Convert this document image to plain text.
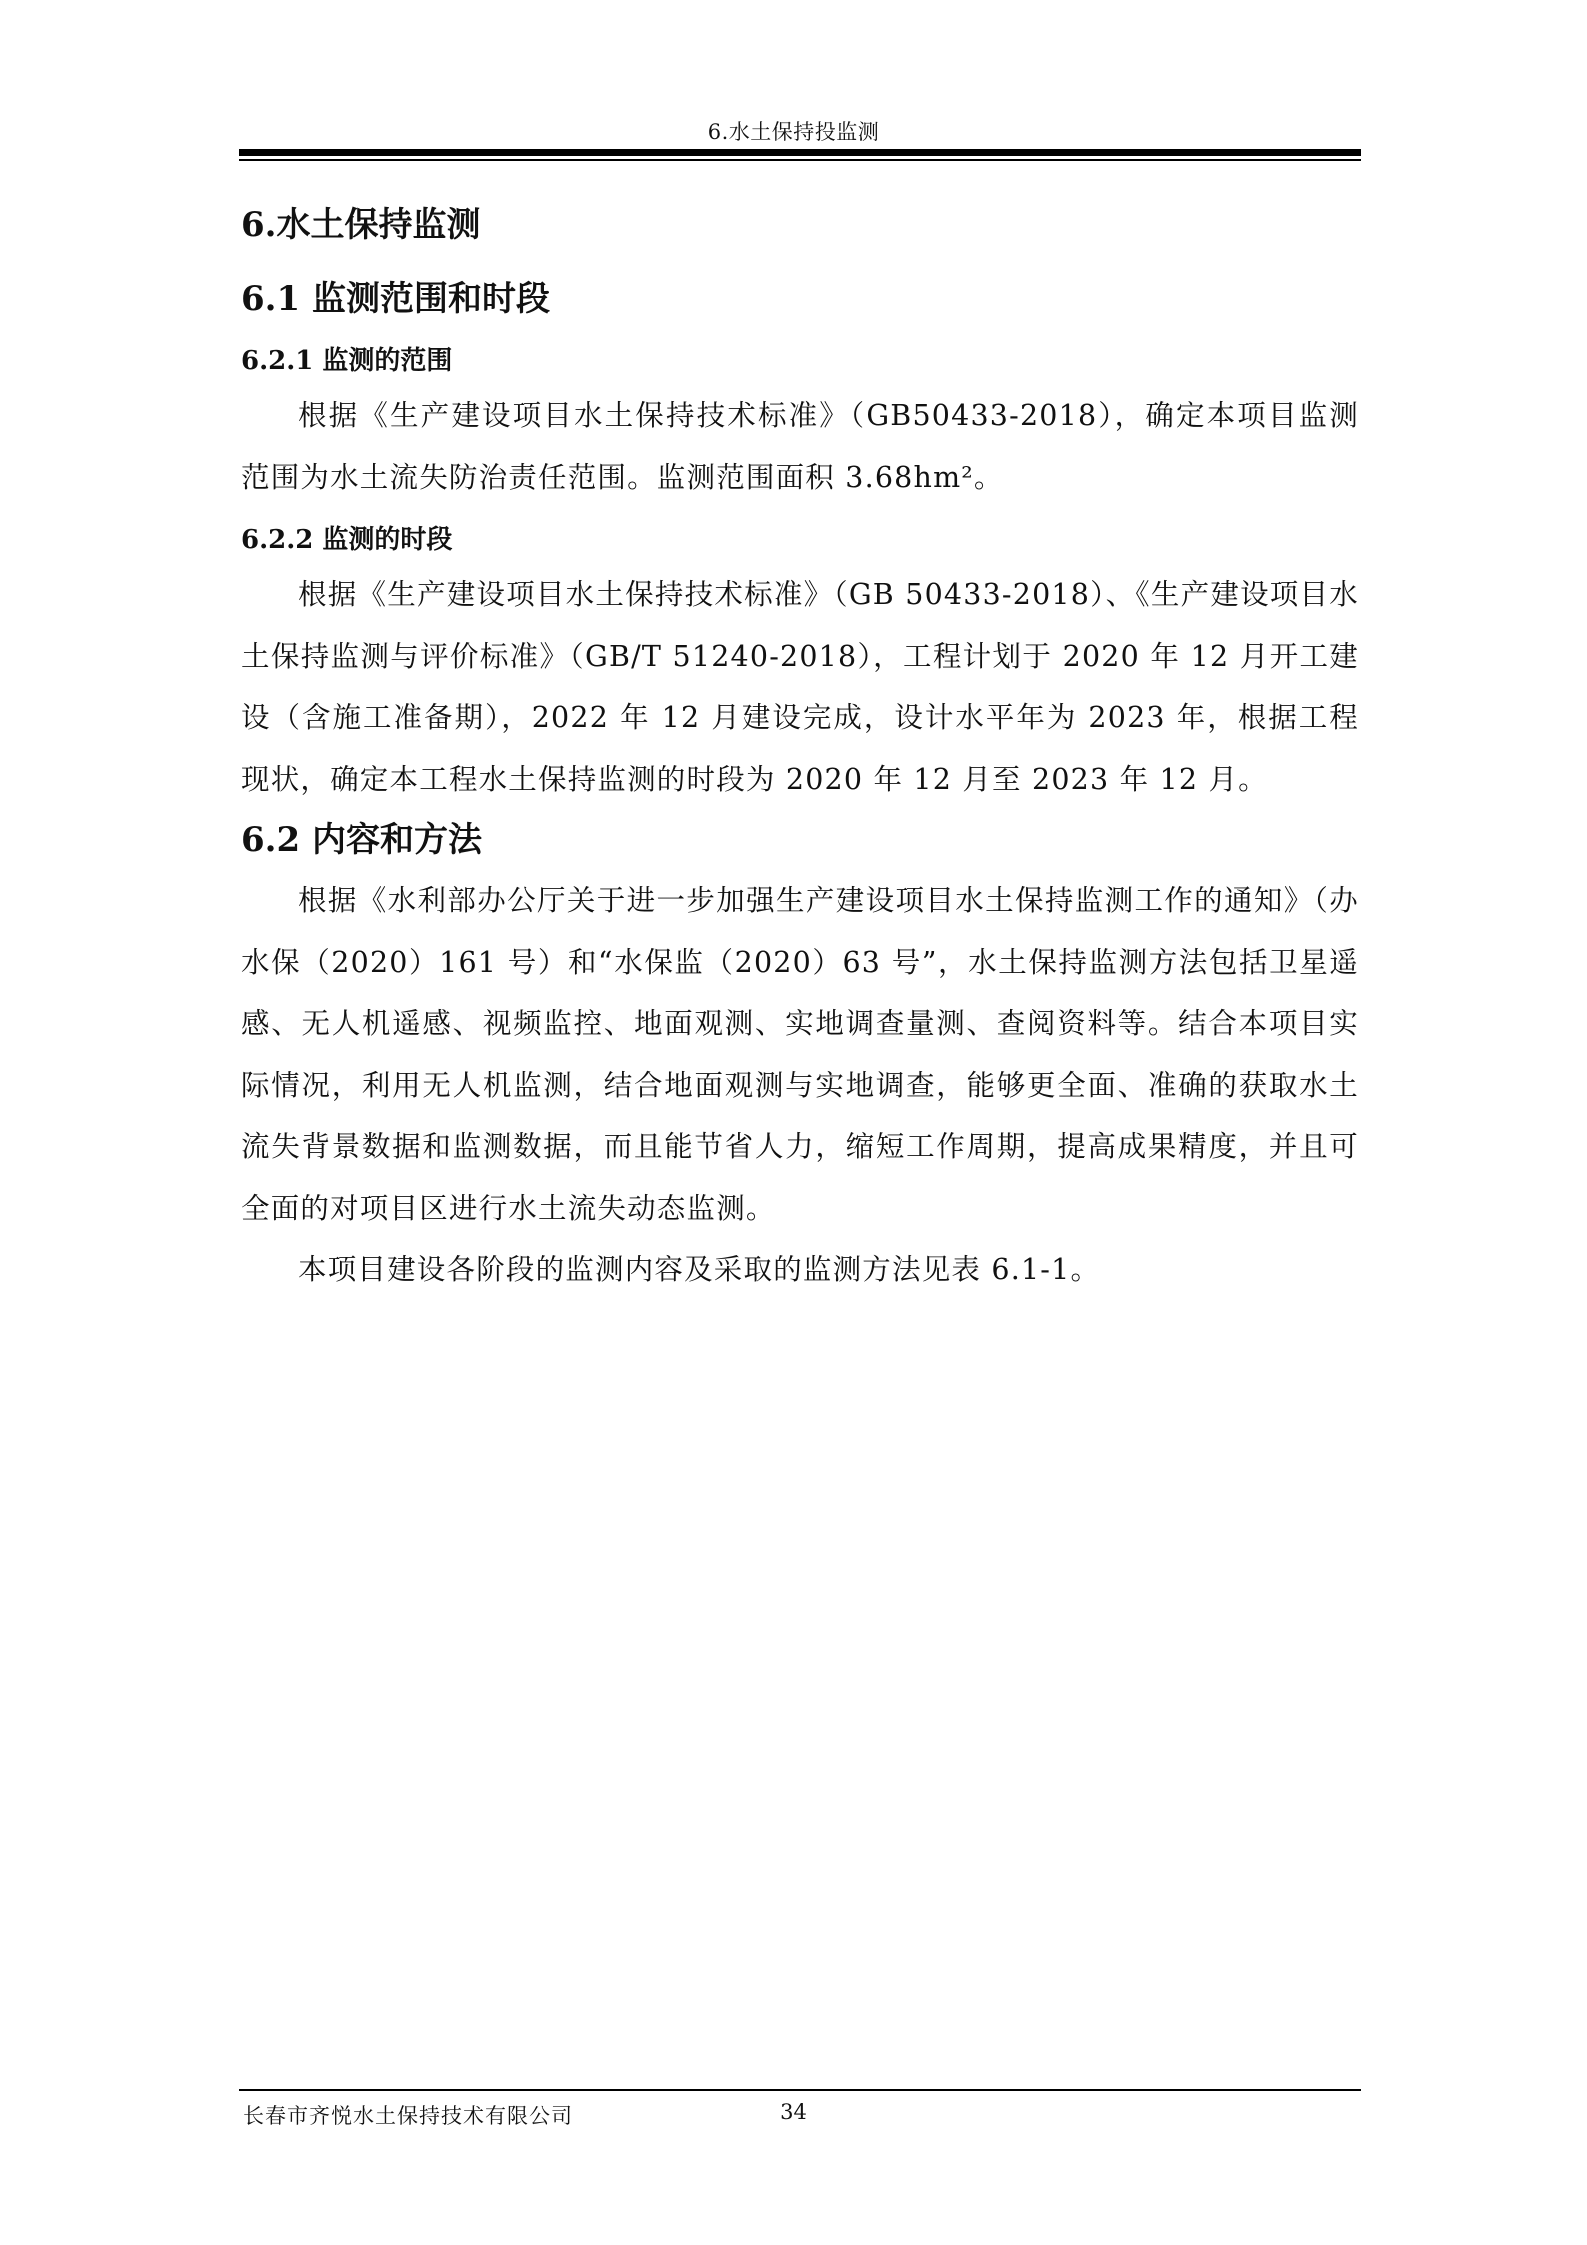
6.水土保持投监测
6.水土保持监测
6.1 监测范围和时段
6.2.1 监测的范围

根据《生产建设项目水土保持技术标准》（GB50433-2018），确定本项目监测范围为水土流失防治责任范围。监测范围面积 3.68hm²。

6.2.2 监测的时段

根据《生产建设项目水土保持技术标准》（GB 50433-2018）、《生产建设项目水土保持监测与评价标准》（GB/T 51240-2018），工程计划于 2020 年 12 月开工建设（含施工准备期），2022 年 12 月建设完成，设计水平年为 2023 年，根据工程现状，确定本工程水土保持监测的时段为 2020 年 12 月至 2023 年 12 月。

6.2 内容和方法

根据《水利部办公厅关于进一步加强生产建设项目水土保持监测工作的通知》（办水保（2020）161 号）和“水保监（2020）63 号”，水土保持监测方法包括卫星遥感、无人机遥感、视频监控、地面观测、实地调查量测、查阅资料等。结合本项目实际情况，利用无人机监测，结合地面观测与实地调查，能够更全面、准确的获取水土流失背景数据和监测数据，而且能节省人力，缩短工作周期，提高成果精度，并且可全面的对项目区进行水土流失动态监测。

本项目建设各阶段的监测内容及采取的监测方法见表 6.1-1。

长春市齐悦水土保持技术有限公司	34
